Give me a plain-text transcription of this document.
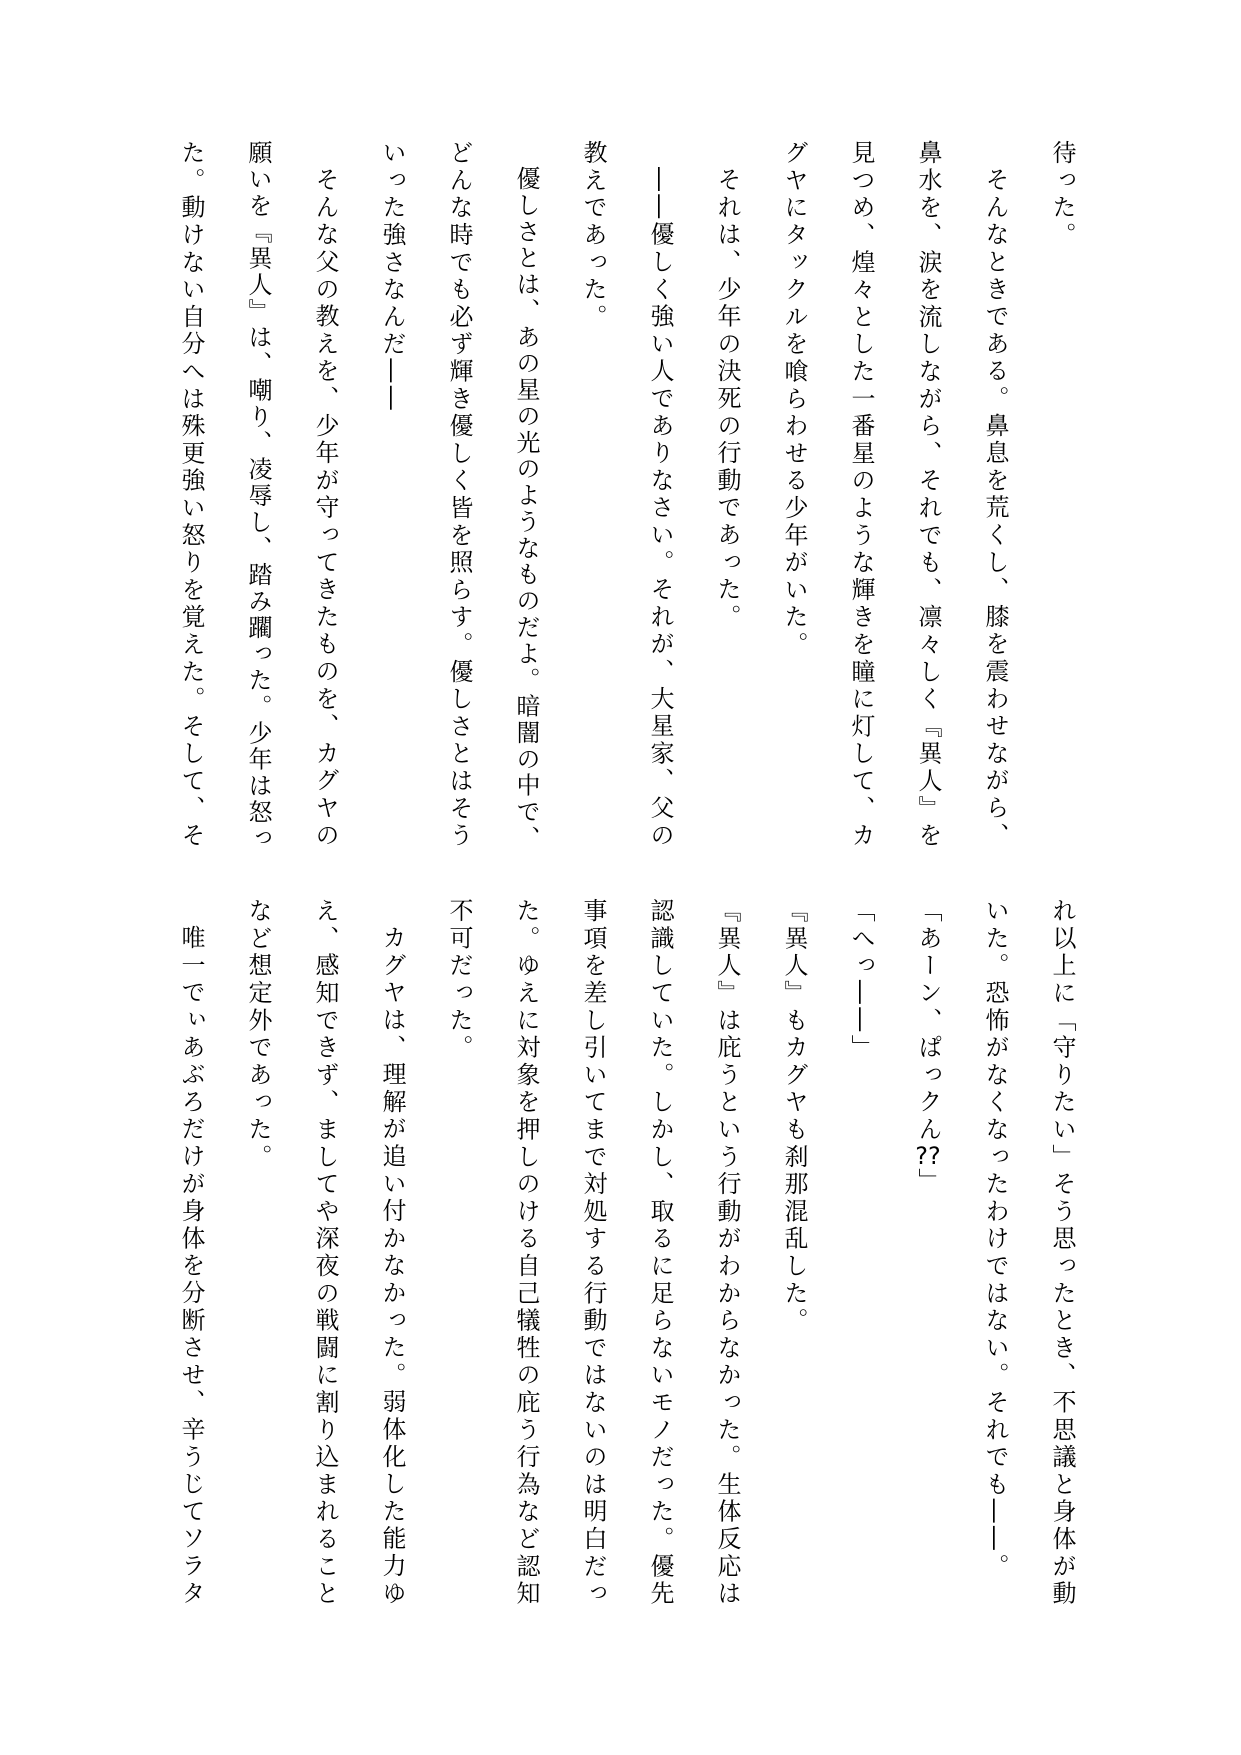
待った。

そんなときである。鼻息を荒くし、膝を震わせながら、

鼻水を、涙を流しながら、それでも、凛々しく『異人』を

見つめ、煌々とした一番星のような輝きを瞳に灯して、カ

グヤにタックルを喰らわせる少年がいた。

それは、少年の決死の行動であった。

――優しく強い人でありなさい。それが、大星家、父の

教えであった。

優しさとは、あの星の光のようなものだよ。暗闇の中で、

どんな時でも必ず輝き優しく皆を照らす。優しさとはそう

いった強さなんだ――

そんな父の教えを、少年が守ってきたものを、カグヤの

願いを『異人』は、嘲り、凌辱し、踏み躙った。少年は怒っ

た。動けない自分へは殊更強い怒りを覚えた。そして、そ

れ以上に「守りたい」そう思ったとき、不思議と身体が動

いた。恐怖がなくなったわけではない。それでも――。

「あーン、ぱっクん??」

「へっ――」

『異人』もカグヤも刹那混乱した。

『異人』は庇うという行動がわからなかった。生体反応は

認識していた。しかし、取るに足らないモノだった。優先

事項を差し引いてまで対処する行動ではないのは明白だっ

た。ゆえに対象を押しのける自己犠牲の庇う行為など認知

不可だった。

カグヤは、理解が追い付かなかった。弱体化した能力ゆ

え、感知できず、ましてや深夜の戦闘に割り込まれること

など想定外であった。

唯一でぃあぶろだけが身体を分断させ、辛うじてソラタ
